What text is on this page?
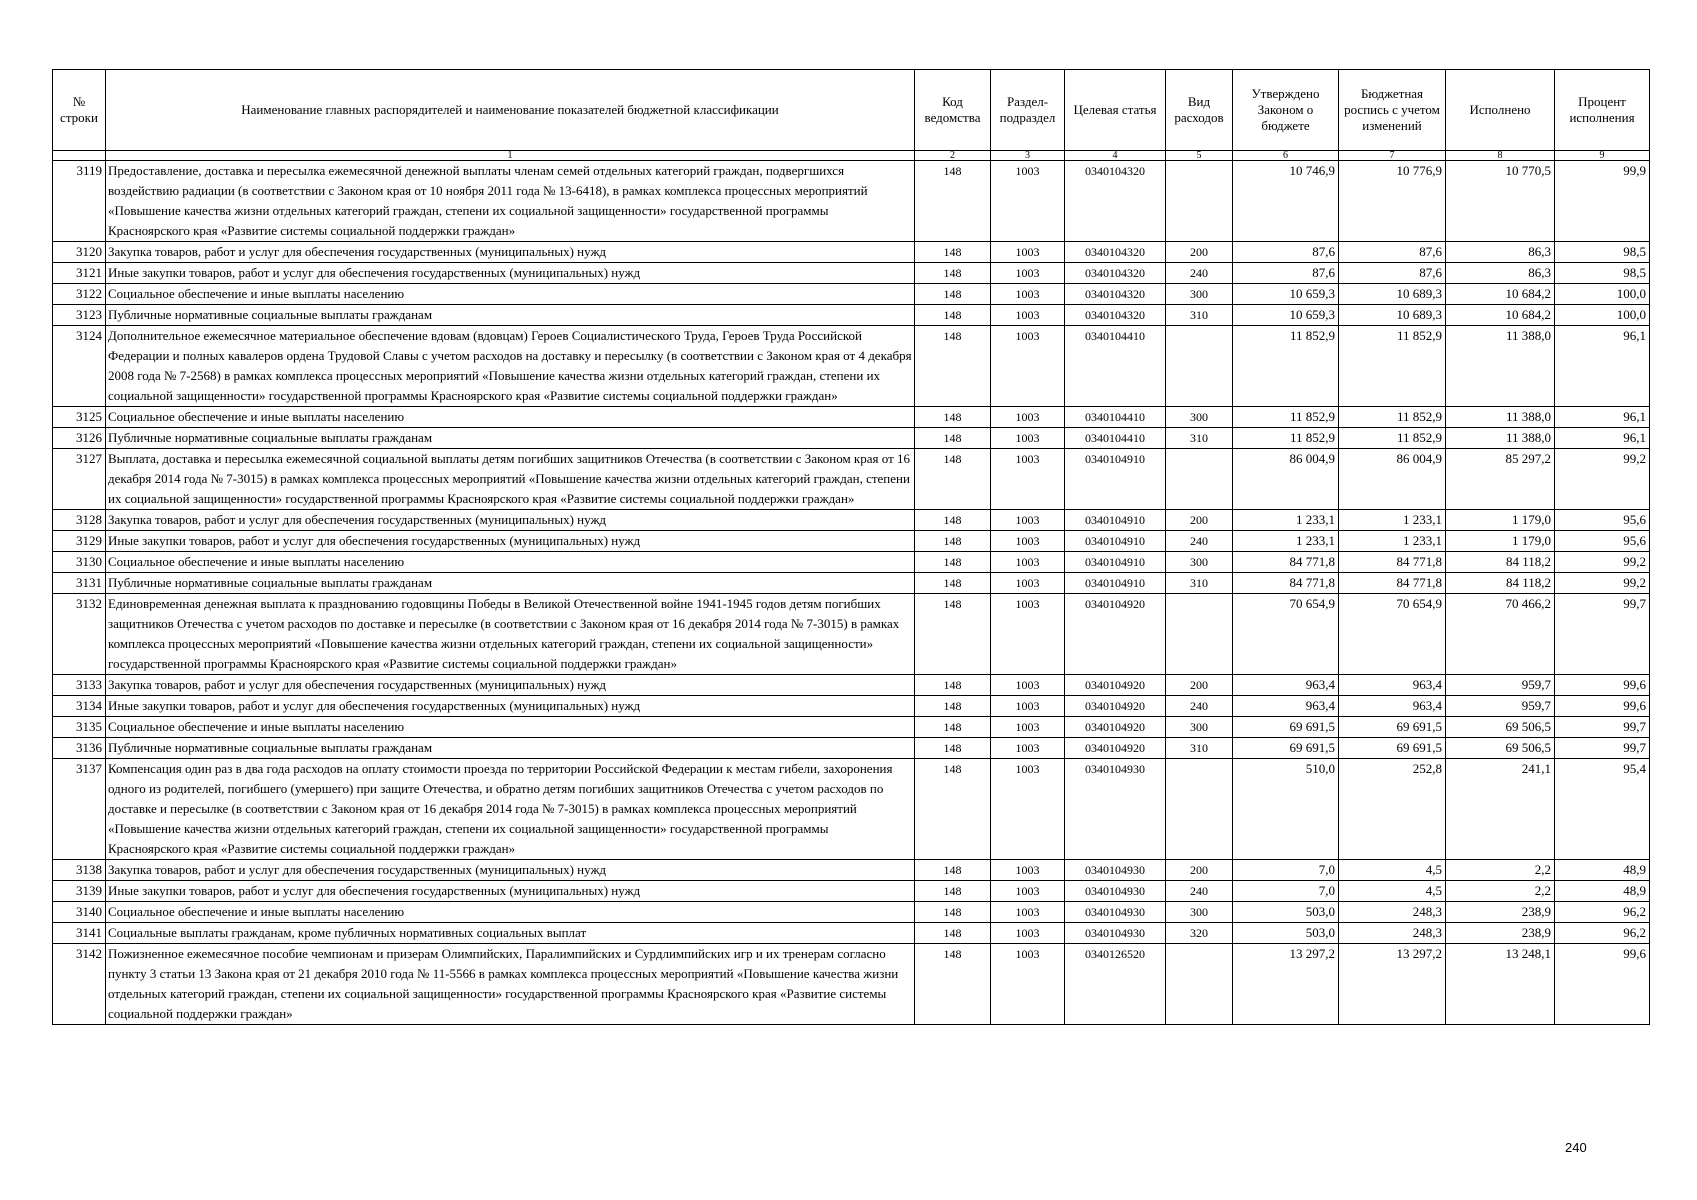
№ строки	Наименование главных распорядителей и наименование показателей бюджетной классификации	Код ведомства	Раздел-подраздел	Целевая статья	Вид расходов	Утверждено Законом о бюджете	Бюджетная роспись с учетом изменений	Исполнено	Процент исполнения
	1	2	3	4	5	6	7	8	9
3119	Предоставление, доставка и пересылка ежемесячной денежной выплаты членам семей отдельных категорий граждан, подвергшихся воздействию радиации (в соответствии с Законом края от 10 ноября 2011 года № 13-6418), в рамках комплекса процессных мероприятий «Повышение качества жизни отдельных категорий граждан, степени их социальной защищенности» государственной программы Красноярского края «Развитие системы социальной поддержки граждан»	148	1003	0340104320		10 746,9	10 776,9	10 770,5	99,9
3120	Закупка товаров, работ и услуг для обеспечения государственных (муниципальных) нужд	148	1003	0340104320	200	87,6	87,6	86,3	98,5
3121	Иные закупки товаров, работ и услуг для обеспечения государственных (муниципальных) нужд	148	1003	0340104320	240	87,6	87,6	86,3	98,5
3122	Социальное обеспечение и иные выплаты населению	148	1003	0340104320	300	10 659,3	10 689,3	10 684,2	100,0
3123	Публичные нормативные социальные выплаты гражданам	148	1003	0340104320	310	10 659,3	10 689,3	10 684,2	100,0
3124	Дополнительное ежемесячное материальное обеспечение вдовам (вдовцам) Героев Социалистического Труда, Героев Труда Российской Федерации и полных кавалеров ордена Трудовой Славы с учетом расходов на доставку и пересылку (в соответствии с Законом края от 4 декабря 2008 года № 7-2568) в рамках комплекса процессных мероприятий «Повышение качества жизни отдельных категорий граждан, степени их социальной защищенности» государственной программы Красноярского края «Развитие системы социальной поддержки граждан»	148	1003	0340104410		11 852,9	11 852,9	11 388,0	96,1
3125	Социальное обеспечение и иные выплаты населению	148	1003	0340104410	300	11 852,9	11 852,9	11 388,0	96,1
3126	Публичные нормативные социальные выплаты гражданам	148	1003	0340104410	310	11 852,9	11 852,9	11 388,0	96,1
3127	Выплата, доставка и пересылка ежемесячной социальной выплаты детям погибших защитников Отечества (в соответствии с Законом края от 16 декабря 2014 года № 7-3015) в рамках комплекса процессных мероприятий «Повышение качества жизни отдельных категорий граждан, степени их социальной защищенности» государственной программы Красноярского края «Развитие системы социальной поддержки граждан»	148	1003	0340104910		86 004,9	86 004,9	85 297,2	99,2
3128	Закупка товаров, работ и услуг для обеспечения государственных (муниципальных) нужд	148	1003	0340104910	200	1 233,1	1 233,1	1 179,0	95,6
3129	Иные закупки товаров, работ и услуг для обеспечения государственных (муниципальных) нужд	148	1003	0340104910	240	1 233,1	1 233,1	1 179,0	95,6
3130	Социальное обеспечение и иные выплаты населению	148	1003	0340104910	300	84 771,8	84 771,8	84 118,2	99,2
3131	Публичные нормативные социальные выплаты гражданам	148	1003	0340104910	310	84 771,8	84 771,8	84 118,2	99,2
3132	Единовременная денежная выплата к празднованию годовщины Победы в Великой Отечественной войне 1941-1945 годов детям погибших защитников Отечества с учетом расходов по доставке и пересылке (в соответствии с Законом края от 16 декабря 2014 года № 7-3015) в рамках комплекса процессных мероприятий «Повышение качества жизни отдельных категорий граждан, степени их социальной защищенности» государственной программы Красноярского края «Развитие системы социальной поддержки граждан»	148	1003	0340104920		70 654,9	70 654,9	70 466,2	99,7
3133	Закупка товаров, работ и услуг для обеспечения государственных (муниципальных) нужд	148	1003	0340104920	200	963,4	963,4	959,7	99,6
3134	Иные закупки товаров, работ и услуг для обеспечения государственных (муниципальных) нужд	148	1003	0340104920	240	963,4	963,4	959,7	99,6
3135	Социальное обеспечение и иные выплаты населению	148	1003	0340104920	300	69 691,5	69 691,5	69 506,5	99,7
3136	Публичные нормативные социальные выплаты гражданам	148	1003	0340104920	310	69 691,5	69 691,5	69 506,5	99,7
3137	Компенсация один раз в два года расходов на оплату стоимости проезда по территории Российской Федерации к местам гибели, захоронения одного из родителей, погибшего (умершего) при защите Отечества, и обратно детям погибших защитников Отечества с учетом расходов по доставке и пересылке (в соответствии с Законом края от 16 декабря 2014 года № 7-3015) в рамках комплекса процессных мероприятий «Повышение качества жизни отдельных категорий граждан, степени их социальной защищенности» государственной программы Красноярского края «Развитие системы социальной поддержки граждан»	148	1003	0340104930		510,0	252,8	241,1	95,4
3138	Закупка товаров, работ и услуг для обеспечения государственных (муниципальных) нужд	148	1003	0340104930	200	7,0	4,5	2,2	48,9
3139	Иные закупки товаров, работ и услуг для обеспечения государственных (муниципальных) нужд	148	1003	0340104930	240	7,0	4,5	2,2	48,9
3140	Социальное обеспечение и иные выплаты населению	148	1003	0340104930	300	503,0	248,3	238,9	96,2
3141	Социальные выплаты гражданам, кроме публичных нормативных социальных выплат	148	1003	0340104930	320	503,0	248,3	238,9	96,2
3142	Пожизненное ежемесячное пособие чемпионам и призерам Олимпийских, Паралимпийских и Сурдлимпийских игр и их тренерам согласно пункту 3 статьи 13 Закона края от 21 декабря 2010 года № 11-5566 в рамках комплекса процессных мероприятий «Повышение качества жизни отдельных категорий граждан, степени их социальной защищенности» государственной программы Красноярского края «Развитие системы социальной поддержки граждан»	148	1003	0340126520		13 297,2	13 297,2	13 248,1	99,6
240
